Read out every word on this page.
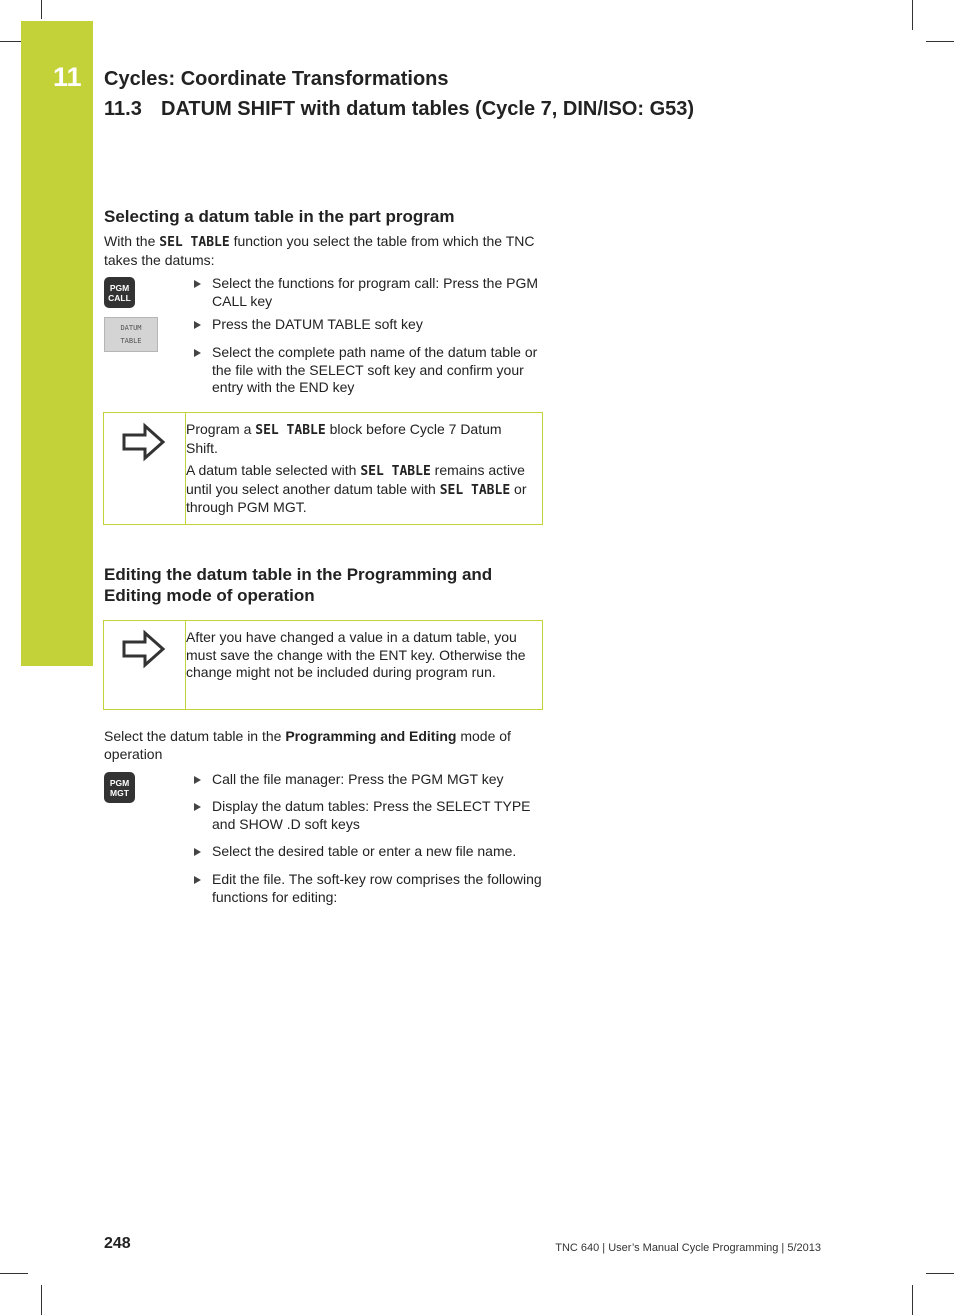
11 Cycles: Coordinate Transformations
11.3 DATUM SHIFT with datum tables (Cycle 7, DIN/ISO: G53)
Selecting a datum table in the part program

With the SEL TABLE function you select the table from which the TNC takes the datums:

PGM
CALL
DATUM
TABLE
Select the functions for program call: Press the PGM CALL key
Press the DATUM TABLE soft key
Select the complete path name of the datum table or the file with the SELECT soft key and confirm your entry with the END key

Program a SEL TABLE block before Cycle 7 Datum Shift.

A datum table selected with SEL TABLE remains active until you select another datum table with SEL TABLE or through PGM MGT.

Editing the datum table in the Programming and
Editing mode of operation
After you have changed a value in a datum table, you must save the change with the ENT key. Otherwise the change might not be included during program run.

Select the datum table in the Programming and Editing mode of operation

PGM
MGT
Call the file manager: Press the PGM MGT key
Display the datum tables: Press the SELECT TYPE and SHOW .D soft keys
Select the desired table or enter a new file name.
Edit the file. The soft-key row comprises the following functions for editing:
248	TNC 640 | User’s Manual Cycle Programming | 5/2013
